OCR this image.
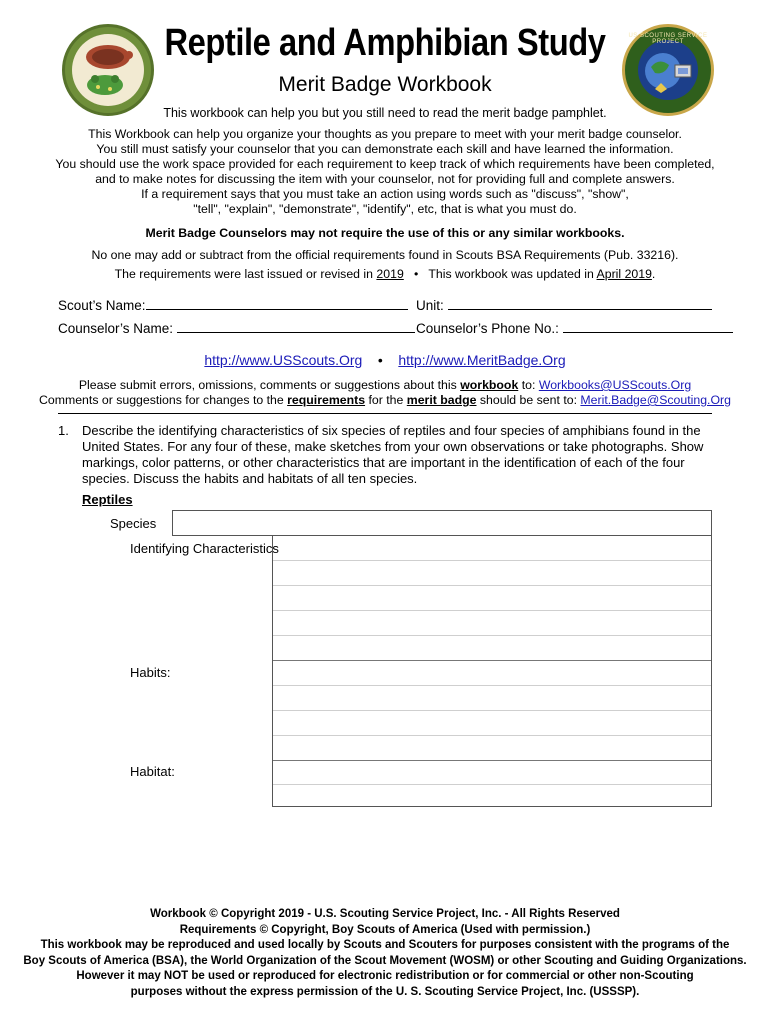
US SCOUTING SERVICE PROJECT
Reptile and Amphibian Study
Merit Badge Workbook
This workbook can help you but you still need to read the merit badge pamphlet.
This Workbook can help you organize your thoughts as you prepare to meet with your merit badge counselor.
You still must satisfy your counselor that you can demonstrate each skill and have learned the information.
You should use the work space provided for each requirement to keep track of which requirements have been completed,
and to make notes for discussing the item with your counselor, not for providing full and complete answers.
If a requirement says that you must take an action using words such as "discuss", "show",
"tell", "explain", "demonstrate", "identify", etc, that is what you must do.
Merit Badge Counselors may not require the use of this or any similar workbooks.
No one may add or subtract from the official requirements found in Scouts BSA Requirements (Pub. 33216).
The requirements were last issued or revised in 2019 • This workbook was updated in April 2019.
Scout’s Name:	Unit:
Counselor’s Name:	Counselor’s Phone No.:
http://www.USScouts.Org • http://www.MeritBadge.Org
Please submit errors, omissions, comments or suggestions about this workbook to: Workbooks@USScouts.Org
Comments or suggestions for changes to the requirements for the merit badge should be sent to: Merit.Badge@Scouting.Org
1. Describe the identifying characteristics of six species of reptiles and four species of amphibians found in the United States. For any four of these, make sketches from your own observations or take photographs. Show markings, color patterns, or other characteristics that are important in the identification of each of the four species. Discuss the habits and habitats of all ten species.
Reptiles
Species
Identifying Characteristics
Habits:
Habitat:
Workbook © Copyright 2019 - U.S. Scouting Service Project, Inc. - All Rights Reserved
Requirements © Copyright, Boy Scouts of America (Used with permission.)
This workbook may be reproduced and used locally by Scouts and Scouters for purposes consistent with the programs of the
Boy Scouts of America (BSA), the World Organization of the Scout Movement (WOSM) or other Scouting and Guiding Organizations.
However it may NOT be used or reproduced for electronic redistribution or for commercial or other non-Scouting
purposes without the express permission of the U. S. Scouting Service Project, Inc. (USSSP).
